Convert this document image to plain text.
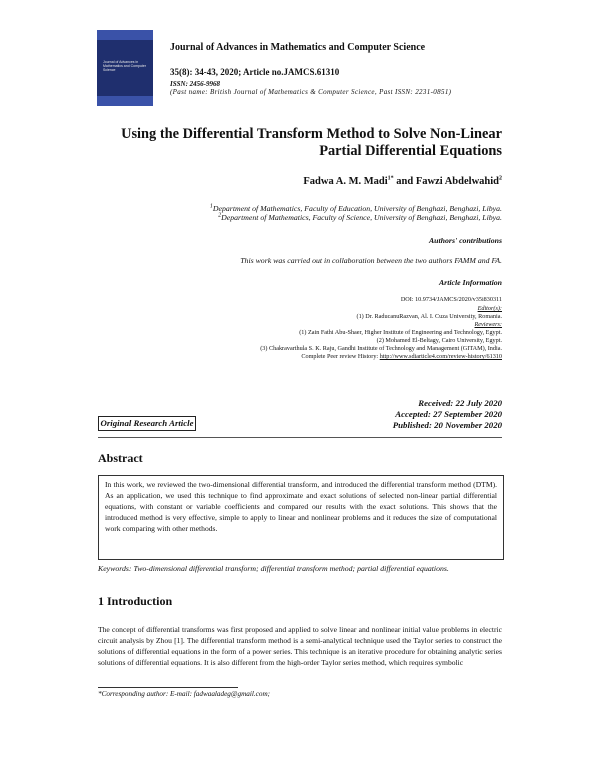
Journal of Advances in Mathematics and Computer Science
Journal of Advances in Mathematics and Computer Science
35(8): 34-43, 2020; Article no.JAMCS.61310
ISSN: 2456-9968
(Past name: British Journal of Mathematics & Computer Science, Past ISSN: 2231-0851)
Using the Differential Transform Method to Solve Non-Linear Partial Differential Equations
Fadwa A. M. Madi$^{1*}$ and Fawzi Abdelwahid$^2$
$^1$Department of Mathematics, Faculty of Education, University of Benghazi, Benghazi, Libya.
$^2$Department of Mathematics, Faculty of Science, University of Benghazi, Benghazi, Libya.
Authors' contributions
This work was carried out in collaboration between the two authors FAMM and FA.
Article Information
DOI: 10.9734/JAMCS/2020/v35i830311
Editor(s):
(1) Dr. RaducanuRazvan, Al. I. Cuza University, Romania.
Reviewers:
(1) Zain Fathi Abu-Shaer, Higher Institute of Engineering and Technology, Egypt.
(2) Mohamed El-Beltagy, Cairo University, Egypt.
(3) Chakravarthula S. K. Raju, Gandhi Institute of Technology and Management (GITAM), India.
Complete Peer review History: http://www.sdiarticle4.com/review-history/61310
Received: 22 July 2020
Accepted: 27 September 2020
Published: 20 November 2020
Original Research Article
Abstract
In this work, we reviewed the two-dimensional differential transform, and introduced the differential transform method (DTM). As an application, we used this technique to find approximate and exact solutions of selected non-linear partial differential equations, with constant or variable coefficients and compared our results with the exact solutions. This shows that the introduced method is very effective, simple to apply to linear and nonlinear problems and it reduces the size of computational work comparing with other methods.
Keywords: Two-dimensional differential transform; differential transform method; partial differential equations.
1 Introduction
The concept of differential transforms was first proposed and applied to solve linear and nonlinear initial value problems in electric circuit analysis by Zhou [1]. The differential transform method is a semi-analytical technique used the Taylor series to construct the solutions of differential equations in the form of a power series. This technique is an iterative procedure for obtaining analytic series solutions of differential equations. It is also different from the high-order Taylor series method, which requires symbolic
*Corresponding author: E-mail: fadwaaladeg@gmail.com;
